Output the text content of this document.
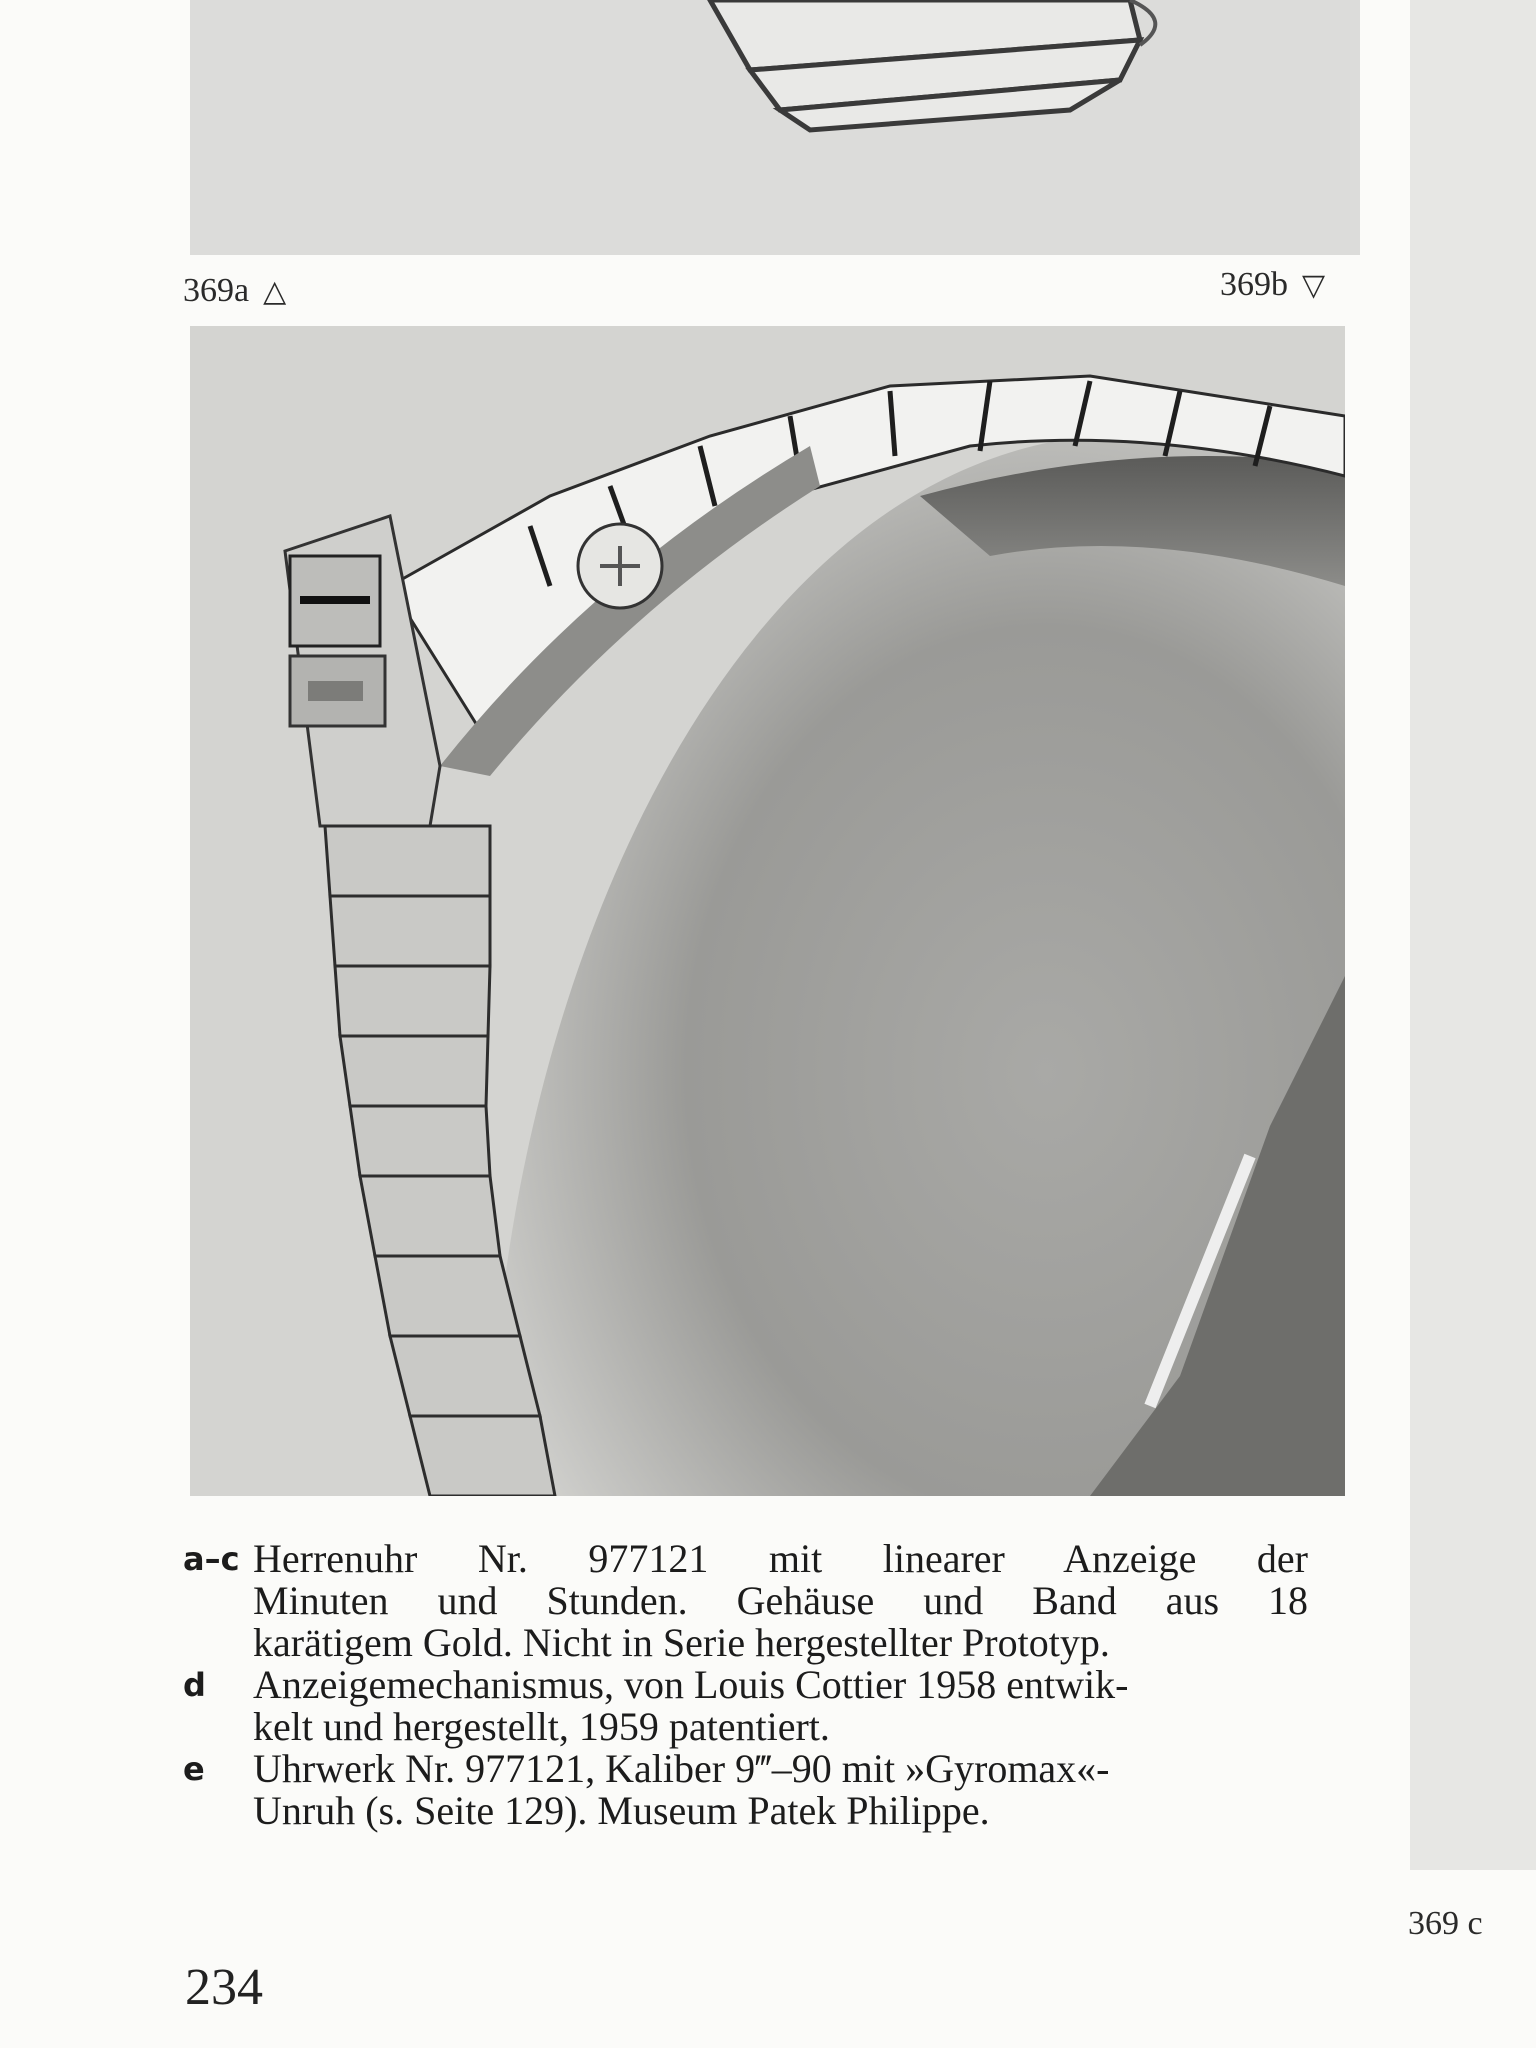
369a △	369b ▽

a–c Herrenuhr Nr. 977121 mit linearer Anzeige der
Minuten und Stunden. Gehäuse und Band aus 18
karätigem Gold. Nicht in Serie hergestellter Prototyp.

d Anzeigemechanismus, von Louis Cottier 1958 entwik-
kelt und hergestellt, 1959 patentiert.

e Uhrwerk Nr. 977121, Kaliber 9‴–90 mit »Gyromax«-
Unruh (s. Seite 129). Museum Patek Philippe.

369 c
234
